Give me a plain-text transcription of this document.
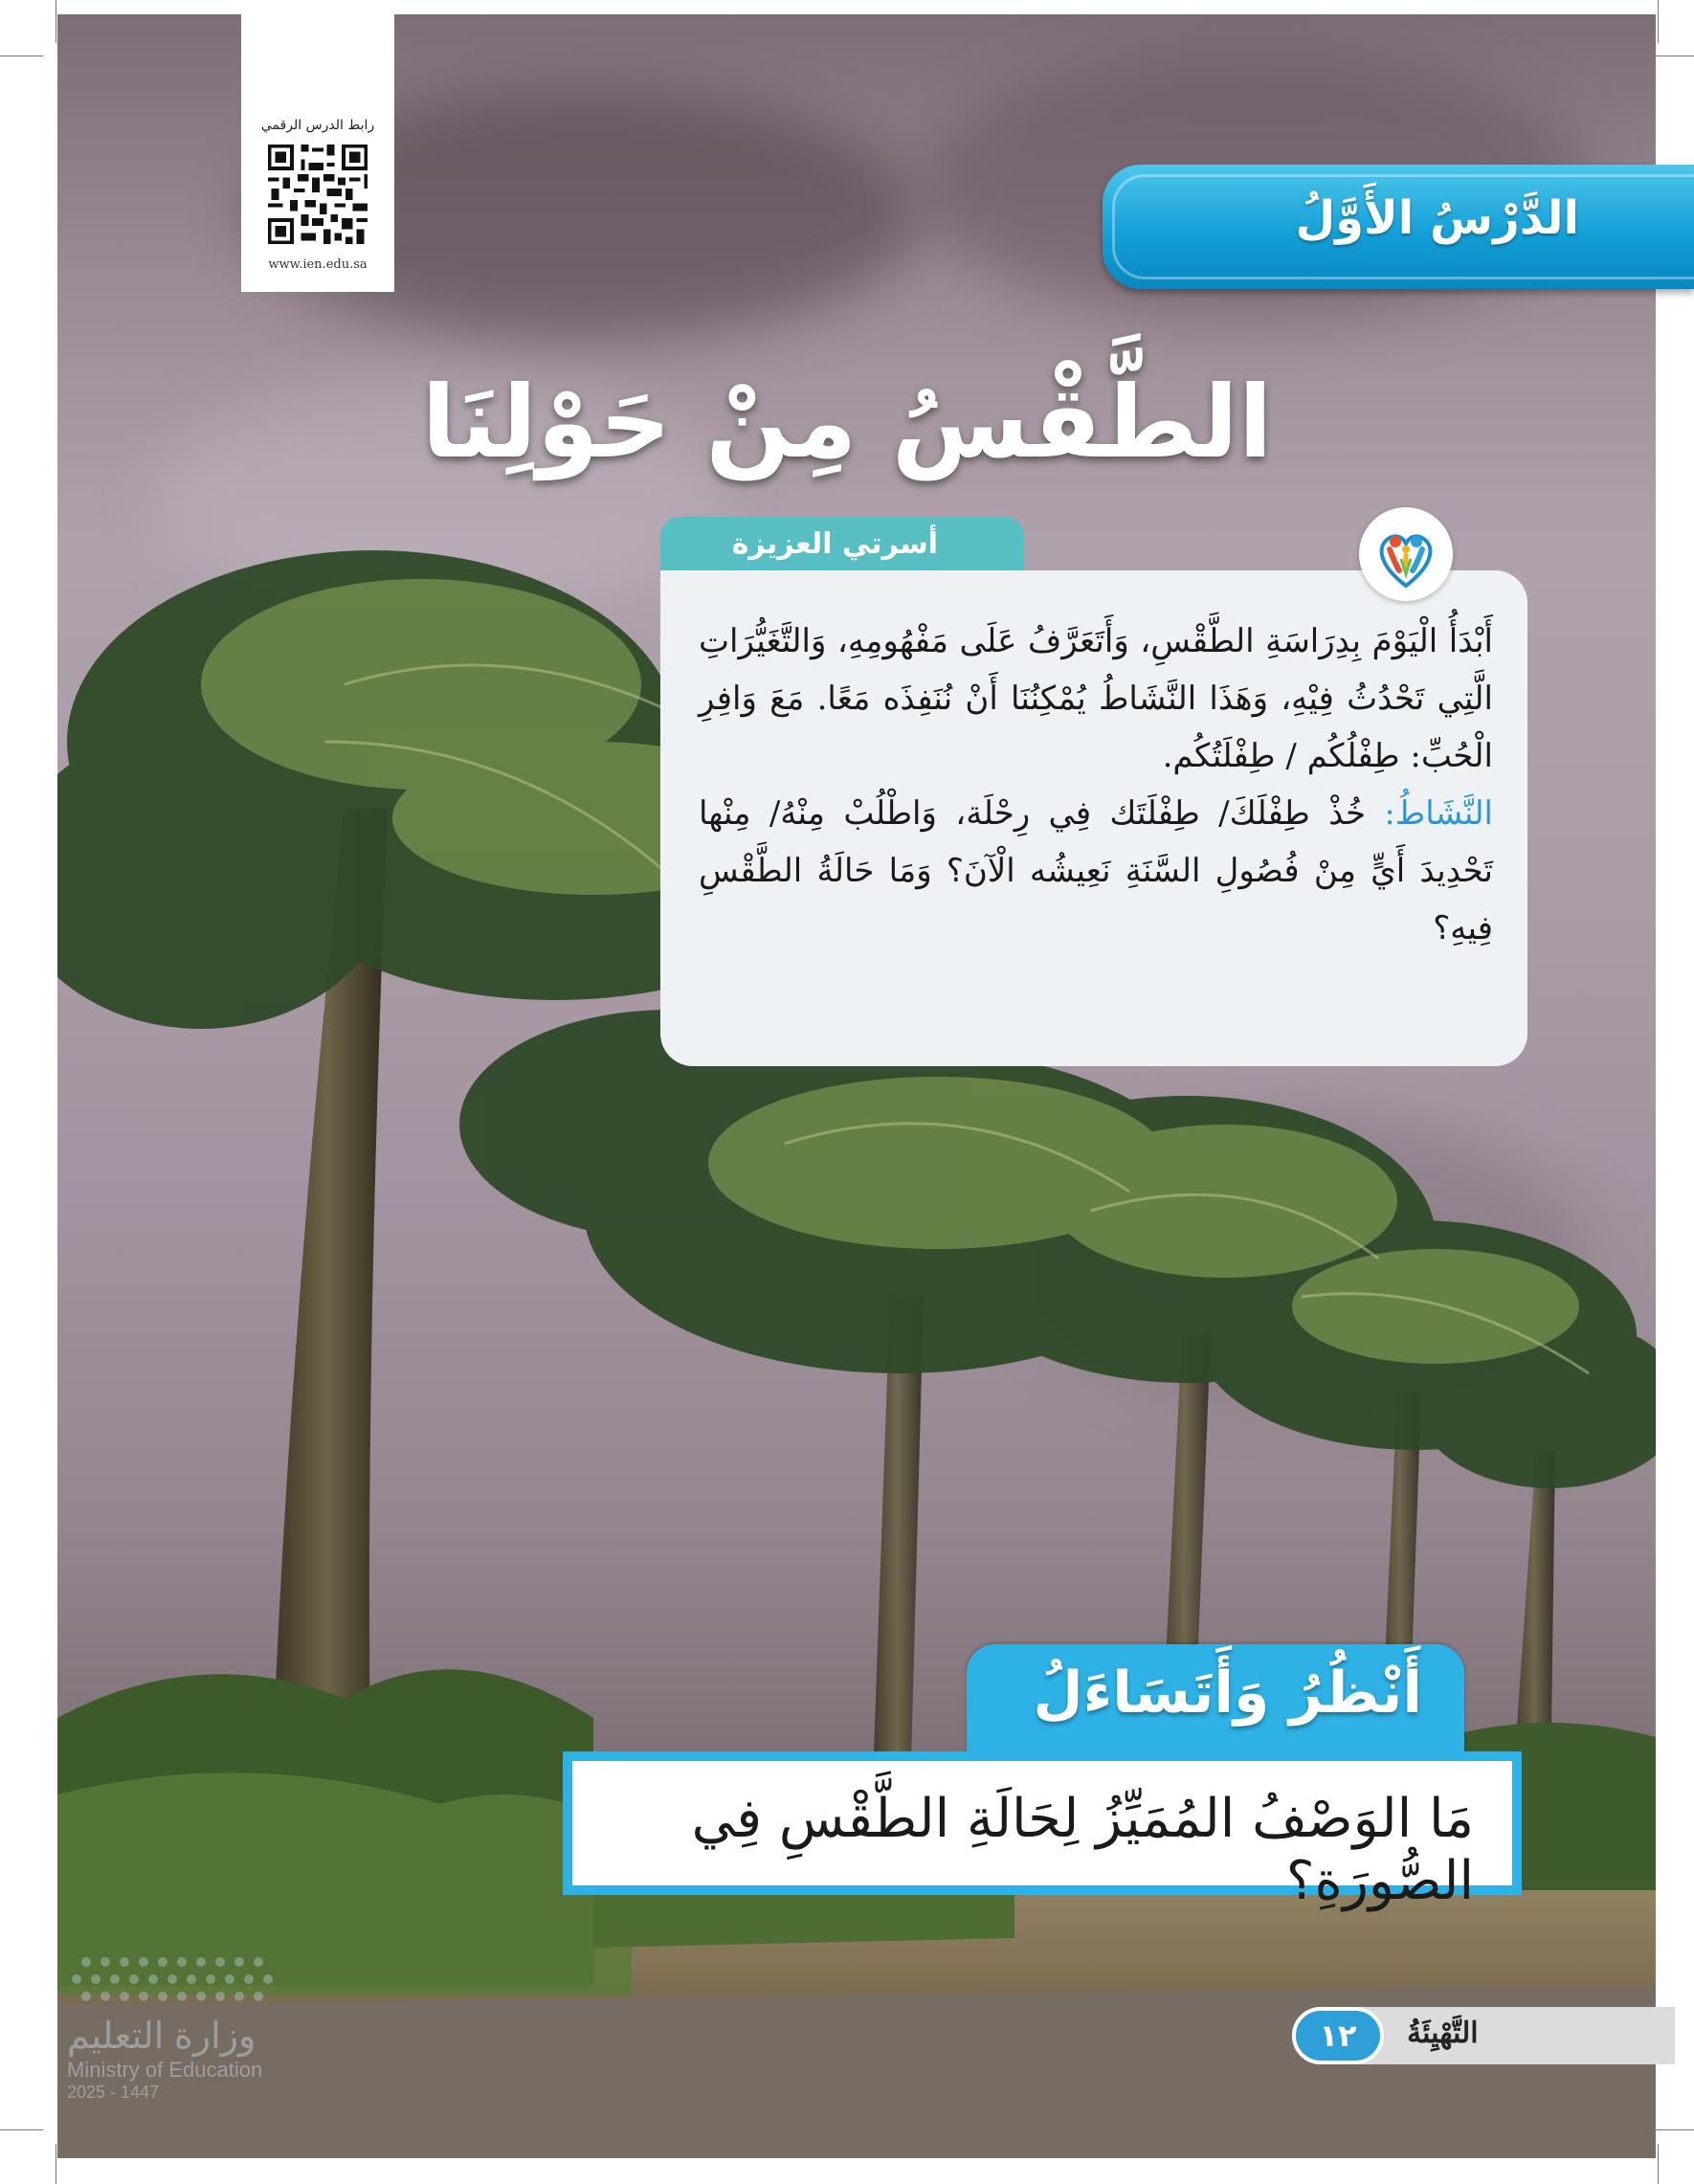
رابط الدرس الرقمي
www.ien.edu.sa
الدَّرْسُ الأَوَّلُ
الطَّقْسُ مِنْ حَوْلِنَا
أسرتي العزيزة
أَبْدَأُ الْيَوْمَ بِدِرَاسَةِ الطَّقْسِ، وَأَتَعَرَّفُ عَلَى مَفْهُومِهِ، وَالتَّغَيُّرَاتِ الَّتِي تَحْدُثُ فِيْهِ، وَهَذَا النَّشَاطُ يُمْكِنُنَا أَنْ نُنَفِذَه مَعًا. مَعَ وَافِرِ الْحُبِّ: طِفْلُكُم / طِفْلَتُكُم.
النَّشَاطُ: خُذْ طِفْلَكَ/ طِفْلَتَك فِي رِحْلَة، وَاطْلُبْ مِنْهُ/ مِنْها تَحْدِيدَ أَيٍّ مِنْ فُصُولِ السَّنَةِ نَعِيشُه الْآنَ؟ وَمَا حَالَةُ الطَّقْسِ فِيهِ؟
أَنْظُرُ وَأَتَسَاءَلُ
مَا الوَصْفُ المُمَيِّزُ لِحَالَةِ الطَّقْسِ فِي الصُّورَةِ؟
وزارة التعليم
Ministry of Education
2025 - 1447
التَّهْيِئَةُ
١٢
